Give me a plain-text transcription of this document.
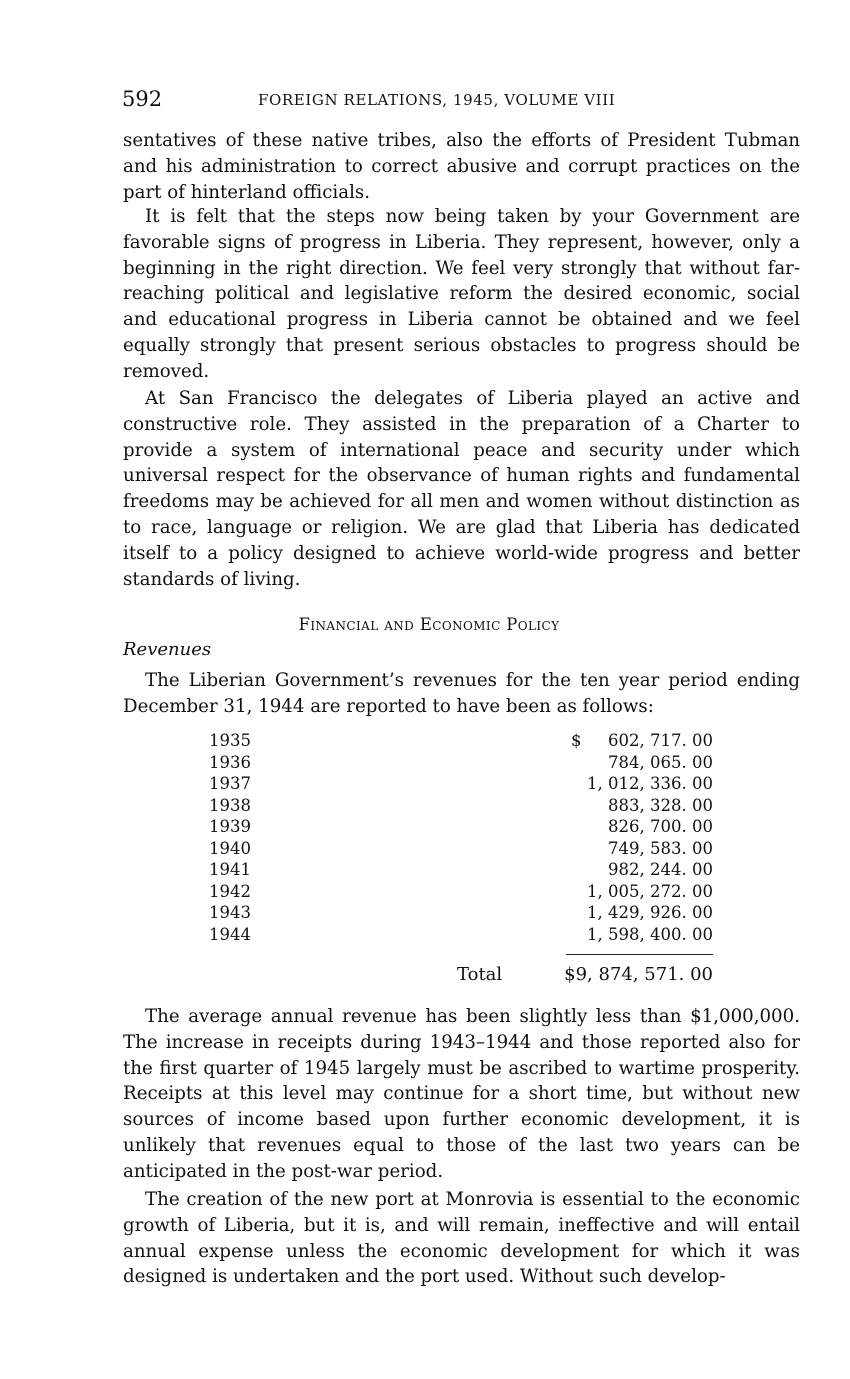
592	FOREIGN RELATIONS, 1945, VOLUME VIII

sentatives of these native tribes, also the efforts of President Tubman and his administration to correct abusive and corrupt practices on the part of hinterland officials.

It is felt that the steps now being taken by your Government are favorable signs of progress in Liberia. They represent, however, only a beginning in the right direction. We feel very strongly that without far-reaching political and legislative reform the desired economic, social and educational progress in Liberia cannot be obtained and we feel equally strongly that present serious obstacles to progress should be removed.

At San Francisco the delegates of Liberia played an active and constructive role. They assisted in the preparation of a Charter to provide a system of international peace and security under which universal respect for the observance of human rights and fundamental freedoms may be achieved for all men and women without distinction as to race, language or religion. We are glad that Liberia has dedicated itself to a policy designed to achieve world-wide progress and better standards of living.

Financial and Economic Policy
Revenues

The Liberian Government’s revenues for the ten year period ending December 31, 1944 are reported to have been as follows:

1935	$ 602, 717. 00
1936	784, 065. 00
1937	1, 012, 336. 00
1938	883, 328. 00
1939	826, 700. 00
1940	749, 583. 00
1941	982, 244. 00
1942	1, 005, 272. 00
1943	1, 429, 926. 00
1944	1, 598, 400. 00
Total	$9, 874, 571. 00

The average annual revenue has been slightly less than $1,000,000. The increase in receipts during 1943–1944 and those reported also for the first quarter of 1945 largely must be ascribed to wartime prosperity. Receipts at this level may continue for a short time, but without new sources of income based upon further economic development, it is unlikely that revenues equal to those of the last two years can be anticipated in the post-war period.

The creation of the new port at Monrovia is essential to the economic growth of Liberia, but it is, and will remain, ineffective and will entail annual expense unless the economic development for which it was designed is undertaken and the port used. Without such develop-
